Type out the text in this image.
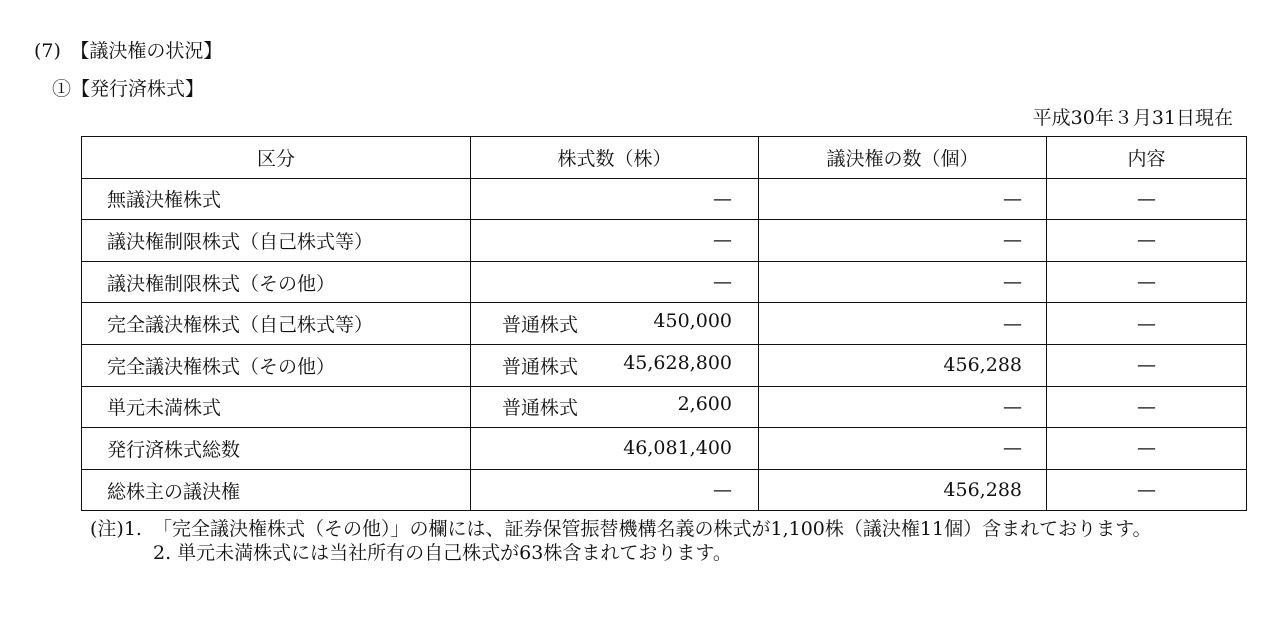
(7)　【議決権の状況】
①【発行済株式】
平成30年３月31日現在
区分	株式数（株）	議決権の数（個）	内容
無議決権株式	—	—	—
議決権制限株式（自己株式等）	—	—	—
議決権制限株式（その他）	—	—	—
完全議決権株式（自己株式等）	普通株式 450,000	—	—
完全議決権株式（その他）	普通株式 45,628,800	456,288	—
単元未満株式	普通株式 2,600	—	—
発行済株式総数	46,081,400	—	—
総株主の議決権	—	456,288	—
(注)1. 「完全議決権株式（その他）」の欄には、証券保管振替機構名義の株式が1,100株（議決権11個）含まれております。
2. 単元未満株式には当社所有の自己株式が63株含まれております。
